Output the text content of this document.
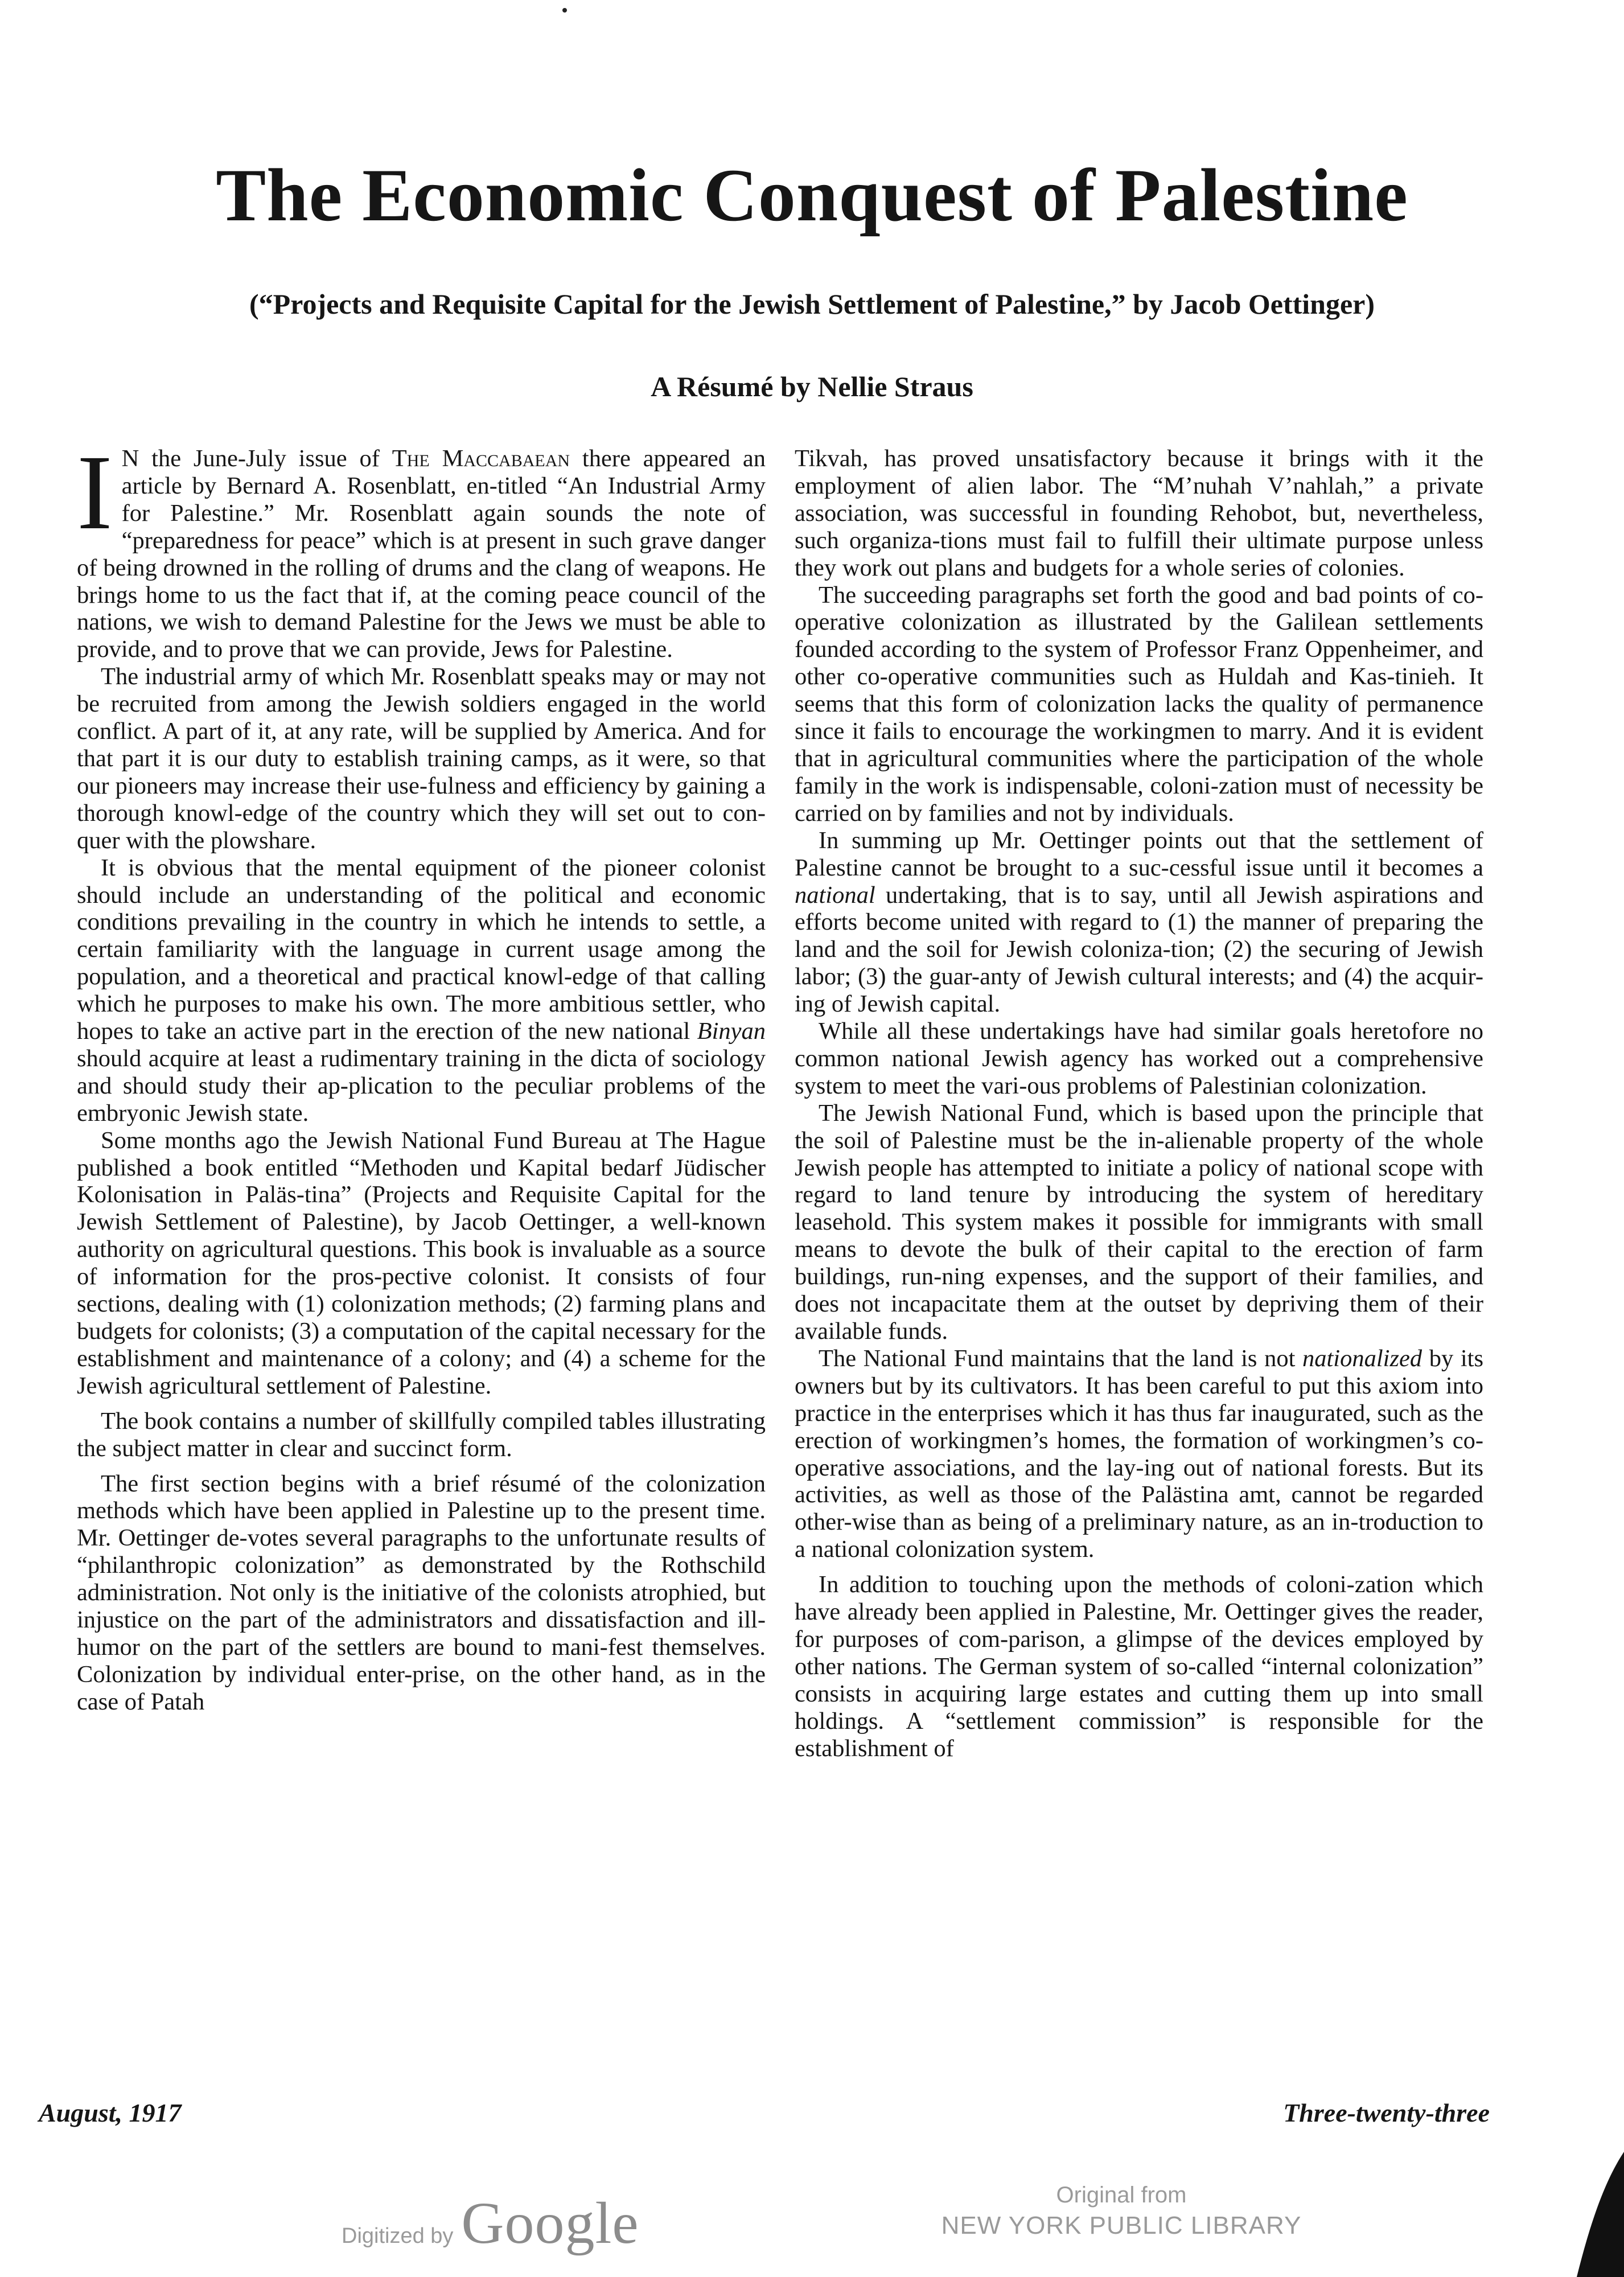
The Economic Conquest of Palestine
(“Projects and Requisite Capital for the Jewish Settlement of Palestine,” by Jacob Oettinger)
A Résumé by Nellie Straus

I N the June-July issue of The Maccabaean there appeared an article by Bernard A. Rosenblatt, en-titled “An Industrial Army for Palestine.” Mr. Rosenblatt again sounds the note of “preparedness for peace” which is at present in such grave danger of being drowned in the rolling of drums and the clang of weapons. He brings home to us the fact that if, at the coming peace council of the nations, we wish to demand Palestine for the Jews we must be able to provide, and to prove that we can provide, Jews for Palestine.

The industrial army of which Mr. Rosenblatt speaks may or may not be recruited from among the Jewish soldiers engaged in the world conflict. A part of it, at any rate, will be supplied by America. And for that part it is our duty to establish training camps, as it were, so that our pioneers may increase their use-fulness and efficiency by gaining a thorough knowl-edge of the country which they will set out to con-quer with the plowshare.

It is obvious that the mental equipment of the pioneer colonist should include an understanding of the political and economic conditions prevailing in the country in which he intends to settle, a certain familiarity with the language in current usage among the population, and a theoretical and practical knowl-edge of that calling which he purposes to make his own. The more ambitious settler, who hopes to take an active part in the erection of the new national Binyan should acquire at least a rudimentary training in the dicta of sociology and should study their ap-plication to the peculiar problems of the embryonic Jewish state.

Some months ago the Jewish National Fund Bureau at The Hague published a book entitled “Methoden und Kapital bedarf Jüdischer Kolonisation in Paläs-tina” (Projects and Requisite Capital for the Jewish Settlement of Palestine), by Jacob Oettinger, a well-known authority on agricultural questions. This book is invaluable as a source of information for the pros-pective colonist. It consists of four sections, dealing with (1) colonization methods; (2) farming plans and budgets for colonists; (3) a computation of the capital necessary for the establishment and maintenance of a colony; and (4) a scheme for the Jewish agricultural settlement of Palestine.

The book contains a number of skillfully compiled tables illustrating the subject matter in clear and succinct form.

The first section begins with a brief résumé of the colonization methods which have been applied in Palestine up to the present time. Mr. Oettinger de-votes several paragraphs to the unfortunate results of “philanthropic colonization” as demonstrated by the Rothschild administration. Not only is the initiative of the colonists atrophied, but injustice on the part of the administrators and dissatisfaction and ill-humor on the part of the settlers are bound to mani-fest themselves. Colonization by individual enter-prise, on the other hand, as in the case of Patah

Tikvah, has proved unsatisfactory because it brings with it the employment of alien labor. The “M’nuhah V’nahlah,” a private association, was successful in founding Rehobot, but, nevertheless, such organiza-tions must fail to fulfill their ultimate purpose unless they work out plans and budgets for a whole series of colonies.

The succeeding paragraphs set forth the good and bad points of co-operative colonization as illustrated by the Galilean settlements founded according to the system of Professor Franz Oppenheimer, and other co-operative communities such as Huldah and Kas-tinieh. It seems that this form of colonization lacks the quality of permanence since it fails to encourage the workingmen to marry. And it is evident that in agricultural communities where the participation of the whole family in the work is indispensable, coloni-zation must of necessity be carried on by families and not by individuals.

In summing up Mr. Oettinger points out that the settlement of Palestine cannot be brought to a suc-cessful issue until it becomes a national undertaking, that is to say, until all Jewish aspirations and efforts become united with regard to (1) the manner of preparing the land and the soil for Jewish coloniza-tion; (2) the securing of Jewish labor; (3) the guar-anty of Jewish cultural interests; and (4) the acquir-ing of Jewish capital.

While all these undertakings have had similar goals heretofore no common national Jewish agency has worked out a comprehensive system to meet the vari-ous problems of Palestinian colonization.

The Jewish National Fund, which is based upon the principle that the soil of Palestine must be the in-alienable property of the whole Jewish people has attempted to initiate a policy of national scope with regard to land tenure by introducing the system of hereditary leasehold. This system makes it possible for immigrants with small means to devote the bulk of their capital to the erection of farm buildings, run-ning expenses, and the support of their families, and does not incapacitate them at the outset by depriving them of their available funds.

The National Fund maintains that the land is not nationalized by its owners but by its cultivators. It has been careful to put this axiom into practice in the enterprises which it has thus far inaugurated, such as the erection of workingmen’s homes, the formation of workingmen’s co-operative associations, and the lay-ing out of national forests. But its activities, as well as those of the Palästina amt, cannot be regarded other-wise than as being of a preliminary nature, as an in-troduction to a national colonization system.

In addition to touching upon the methods of coloni-zation which have already been applied in Palestine, Mr. Oettinger gives the reader, for purposes of com-parison, a glimpse of the devices employed by other nations. The German system of so-called “internal colonization” consists in acquiring large estates and cutting them up into small holdings. A “settlement commission” is responsible for the establishment of

August, 1917	Three-twenty-three
Digitized by Google	Original from
NEW YORK PUBLIC LIBRARY
